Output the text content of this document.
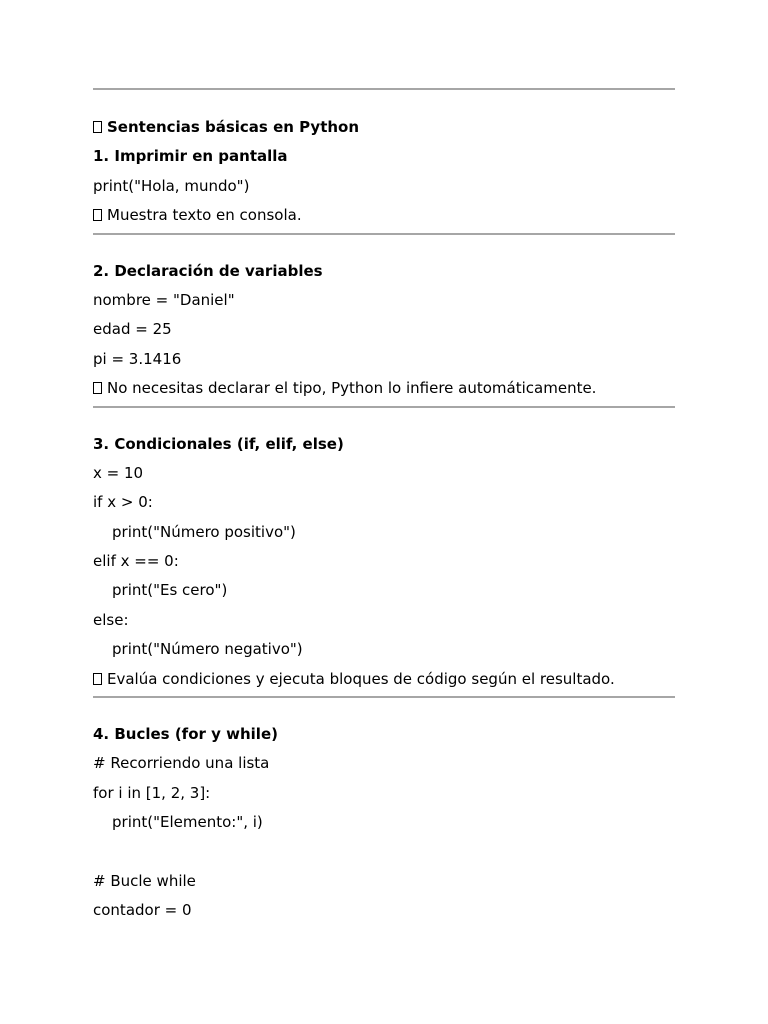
Sentencias básicas en Python
1. Imprimir en pantalla
print("Hola, mundo")
Muestra texto en consola.
2. Declaración de variables
nombre = "Daniel"
edad = 25
pi = 3.1416
No necesitas declarar el tipo, Python lo infiere automáticamente.
3. Condicionales (if, elif, else)
x = 10
if x > 0:
print("Número positivo")
elif x == 0:
print("Es cero")
else:
print("Número negativo")
Evalúa condiciones y ejecuta bloques de código según el resultado.
4. Bucles (for y while)
# Recorriendo una lista
for i in [1, 2, 3]:
print("Elemento:", i)
# Bucle while
contador = 0
